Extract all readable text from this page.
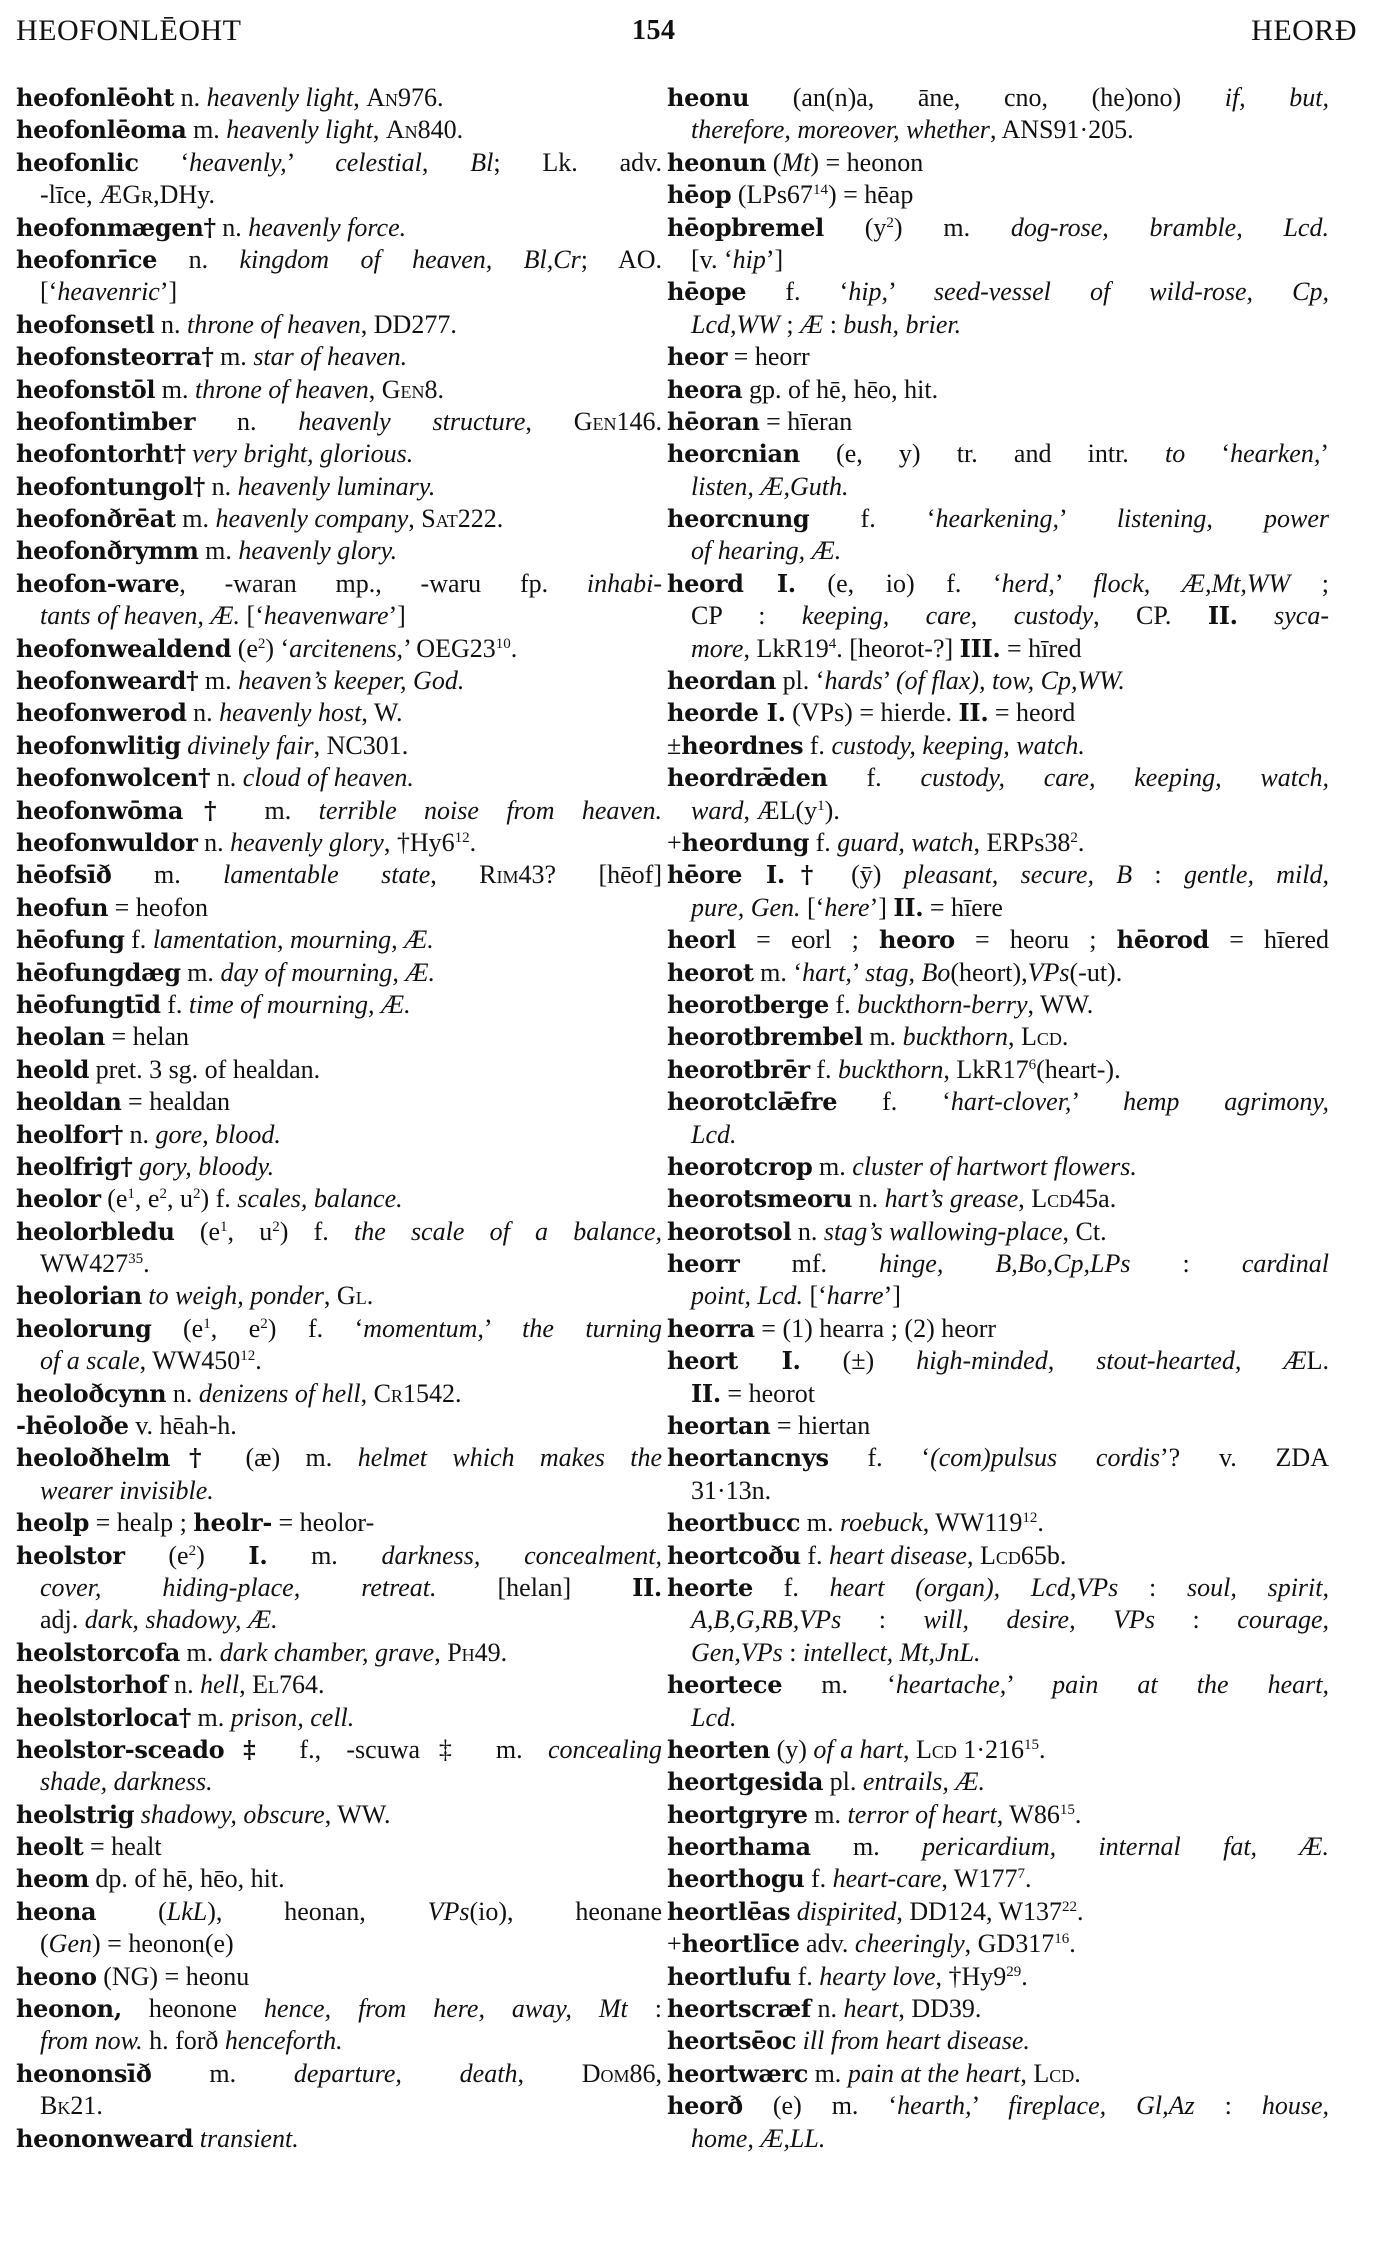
HEOFONLĒOHT	154	HEORÐ
heofonlēoht n. heavenly light, An976.
heofonlēoma m. heavenly light, An840.
heofonlic ‘heavenly,’ celestial, Bl; Lk. adv.
-līce, ÆGr,DHy.
heofonmægen† n. heavenly force.
heofonrīce n. kingdom of heaven, Bl,Cr; AO.
[‘heavenric’]
heofonsetl n. throne of heaven, DD277.
heofonsteorra† m. star of heaven.
heofonstōl m. throne of heaven, Gen8.
heofontimber n. heavenly structure, Gen146.
heofontorht† very bright, glorious.
heofontungol† n. heavenly luminary.
heofonðrēat m. heavenly company, Sat222.
heofonðrymm m. heavenly glory.
heofon-ware, -waran mp., -waru fp. inhabi-
tants of heaven, Æ. [‘heavenware’]
heofonwealdend $(e^2)$ ‘arcitenens,’ $OEG23^{10}$.
heofonweard† m. heaven’s keeper, God.
heofonwerod n. heavenly host, W.
heofonwlitig divinely fair, NC301.
heofonwolcen† n. cloud of heaven.
heofonwōma† m. terrible noise from heaven.
heofonwuldor n. heavenly glory, $\dagger Hy6^{12}$.
hēofsīð m. lamentable state, Rim43? [hēof]
heofun = heofon
hēofung f. lamentation, mourning, Æ.
hēofungdæg m. day of mourning, Æ.
hēofungtīd f. time of mourning, Æ.
heolan = helan
heold pret. 3 sg. of healdan.
heoldan = healdan
heolfor† n. gore, blood.
heolfrig† gory, bloody.
heolor ($e^1$, $e^2$, $u^2$) f. scales, balance.
heolorbledu ($e^1$, $u^2$) f. the scale of a balance,
$WW427^{35}$.
heolorian to weigh, ponder, Gl.
heolorung ($e^1$, $e^2$) f. ‘momentum,’ the turning
of a scale, $WW450^{12}$.
heoloðcynn n. denizens of hell, Cr1542.
-hēoloðe v. hēah-h.
heoloðhelm† (æ) m. helmet which makes the
wearer invisible.
heolp = healp ; heolr- = heolor-
heolstor $(e^2)$ I. m. darkness, concealment,
cover, hiding-place, retreat. [helan] II.
adj. dark, shadowy, Æ.
heolstorcofa m. dark chamber, grave, Ph49.
heolstorhof n. hell, El764.
heolstorloca† m. prison, cell.
heolstor-sceado‡ f., -scuwa‡ m. concealing
shade, darkness.
heolstrig shadowy, obscure, WW.
heolt = healt
heom dp. of hē, hēo, hit.
heona (LkL), heonan, VPs(io), heonane
(Gen) = heonon(e)
heono (NG) = heonu
heonon, heonone hence, from here, away, Mt :
from now. h. forð henceforth.
heononsīð m. departure, death, Dom86,
Bk21.
heononweard transient.
heonu (an(n)a, āne, cno, (he)ono) if, but,
therefore, moreover, whether, ANS91·205.
heonun (Mt) = heonon
hēop $(LPs67^{14})$ = hēap
hēopbremel $(y^2)$ m. dog-rose, bramble, Lcd.
[v. ‘hip’]
hēope f. ‘hip,’ seed-vessel of wild-rose, Cp,
Lcd,WW ; Æ : bush, brier.
heor = heorr
heora gp. of hē, hēo, hit.
hēoran = hīeran
heorcnian (e, y) tr. and intr. to ‘hearken,’
listen, Æ,Guth.
heorcnung f. ‘hearkening,’ listening, power
of hearing, Æ.
heord I. (e, io) f. ‘herd,’ flock, Æ,Mt,WW ;
CP : keeping, care, custody, CP. II. syca-
more, $LkR19^4$. [heorot-?] III. = hīred
heordan pl. ‘hards’ (of flax), tow, Cp,WW.
heorde I. (VPs) = hierde. II. = heord
±heordnes f. custody, keeping, watch.
heordrǣden f. custody, care, keeping, watch,
ward, $ÆL(y^1)$.
+heordung f. guard, watch, $ERPs38^2$.
hēore I.† (ȳ) pleasant, secure, B : gentle, mild,
pure, Gen. [‘here’] II. = hīere
heorl = eorl ; heoro = heoru ; hēorod = hīered
heorot m. ‘hart,’ stag, Bo(heort),VPs(-ut).
heorotberge f. buckthorn-berry, WW.
heorotbrembel m. buckthorn, Lcd.
heorotbrēr f. buckthorn, $LkR17^6(heart-)$.
heorotclǣfre f. ‘hart-clover,’ hemp agrimony,
Lcd.
heorotcrop m. cluster of hartwort flowers.
heorotsmeoru n. hart’s grease, Lcd45a.
heorotsol n. stag’s wallowing-place, Ct.
heorr mf. hinge, B,Bo,Cp,LPs : cardinal
point, Lcd. [‘harre’]
heorra = (1) hearra ; (2) heorr
heort I. (±) high-minded, stout-hearted, ÆL.
II. = heorot
heortan = hiertan
heortancnys f. ‘(com)pulsus cordis’? v. ZDA
31·13n.
heortbucc m. roebuck, $WW119^{12}$.
heortcoðu f. heart disease, Lcd65b.
heorte f. heart (organ), Lcd,VPs : soul, spirit,
A,B,G,RB,VPs : will, desire, VPs : courage,
Gen,VPs : intellect, Mt,JnL.
heortece m. ‘heartache,’ pain at the heart,
Lcd.
heorten (y) of a hart, Lcd $1\cdot 216^{15}$.
heortgesida pl. entrails, Æ.
heortgryre m. terror of heart, $W86^{15}$.
heorthama m. pericardium, internal fat, Æ.
heorthogu f. heart-care, $W177^7$.
heortlēas dispirited, DD124, $W137^{22}$.
+heortlīce adv. cheeringly, $GD317^{16}$.
heortlufu f. hearty love, $\dagger Hy9^{29}$.
heortscræf n. heart, DD39.
heortsēoc ill from heart disease.
heortwærc m. pain at the heart, Lcd.
heorð (e) m. ‘hearth,’ fireplace, Gl,Az : house,
home, Æ,LL.
